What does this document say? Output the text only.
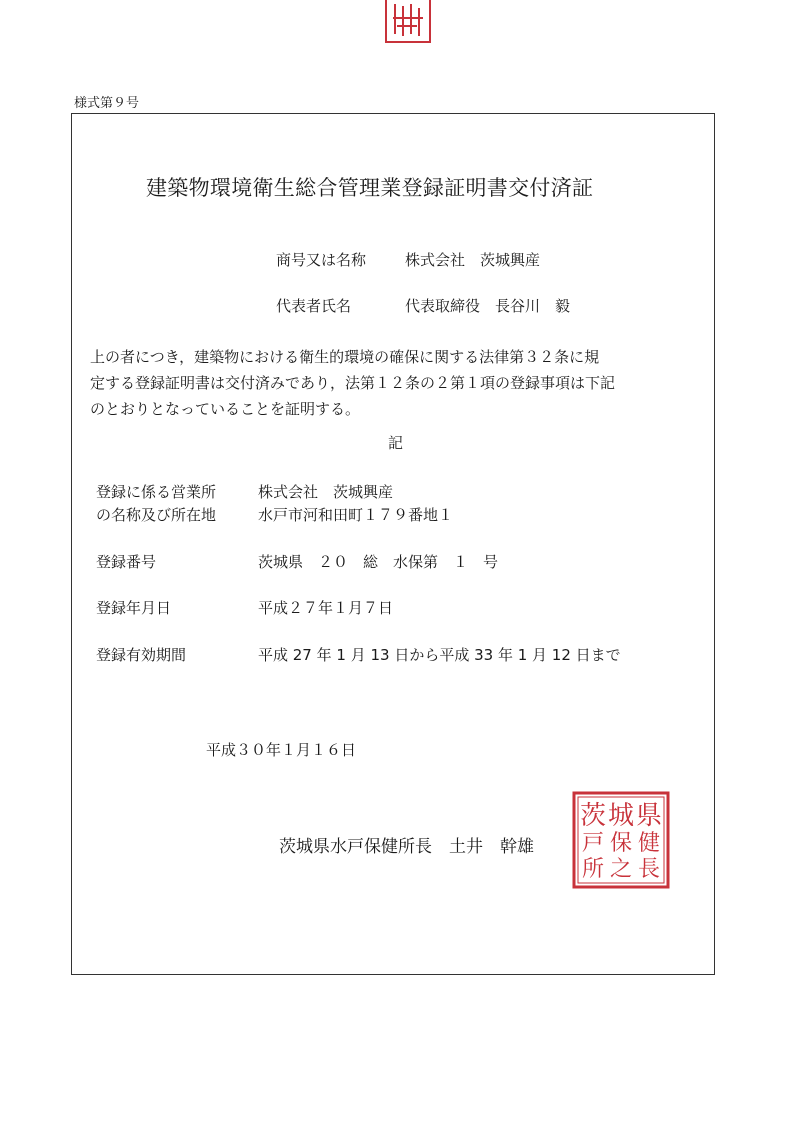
様式第９号
建築物環境衛生総合管理業登録証明書交付済証
商号又は名称	株式会社　茨城興産
代表者氏名	代表取締役　長谷川　毅
上の者につき，建築物における衛生的環境の確保に関する法律第３２条に規
定する登録証明書は交付済みであり，法第１２条の２第１項の登録事項は下記
のとおりとなっていることを証明する。
記
登録に係る営業所	株式会社　茨城興産
の名称及び所在地	水戸市河和田町１７９番地１
登録番号	茨城県　２０　総　水保第　１　号
登録年月日	平成２７年１月７日
登録有効期間	平成 27 年 1 月 13 日から平成 33 年 1 月 12 日まで
平成３０年１月１６日
茨城県水戸保健所長　土井　幹雄
県
健
長
城
保
之
茨
戸
所
